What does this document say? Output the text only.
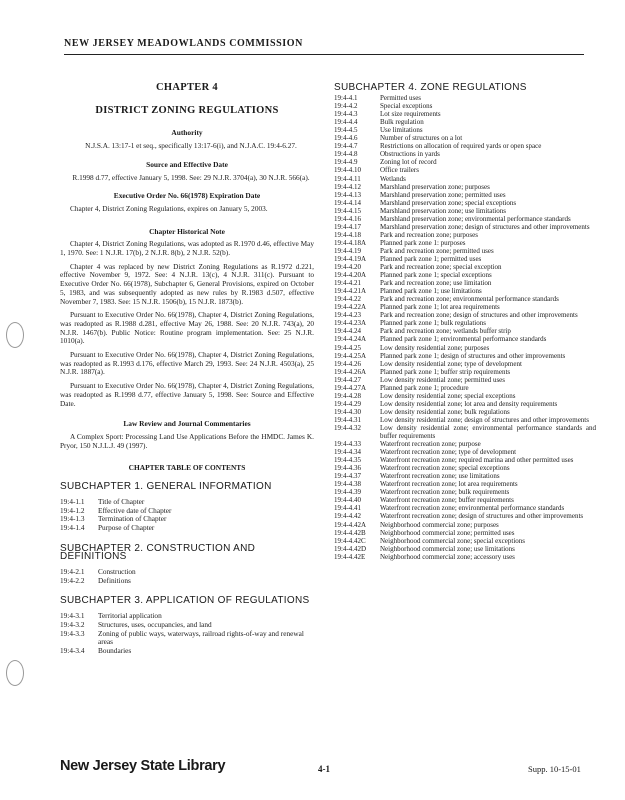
NEW JERSEY MEADOWLANDS COMMISSION
CHAPTER 4
DISTRICT ZONING REGULATIONS
Authority
N.J.S.A. 13:17-1 et seq., specifically 13:17-6(i), and N.J.A.C. 19:4-6.27.
Source and Effective Date
R.1998 d.77, effective January 5, 1998. See: 29 N.J.R. 3704(a), 30 N.J.R. 566(a).
Executive Order No. 66(1978) Expiration Date
Chapter 4, District Zoning Regulations, expires on January 5, 2003.
Chapter Historical Note
Chapter 4, District Zoning Regulations, was adopted as R.1970 d.46, effective May 1, 1970. See: 1 N.J.R. 17(b), 2 N.J.R. 8(b), 2 N.J.R. 52(b).
Chapter 4 was replaced by new District Zoning Regulations as R.1972 d.221, effective November 9, 1972. See: 4 N.J.R. 13(c), 4 N.J.R. 311(c). Pursuant to Executive Order No. 66(1978), Subchapter 6, General Provisions, expired on October 5, 1983, and was subsequently adopted as new rules by R.1983 d.507, effective November 7, 1983. See: 15 N.J.R. 1506(b), 15 N.J.R. 1873(b).
Pursuant to Executive Order No. 66(1978), Chapter 4, District Zoning Regulations, was readopted as R.1988 d.281, effective May 26, 1988. See: 20 N.J.R. 743(a), 20 N.J.R. 1467(b). Public Notice: Routine program implementation. See: 25 N.J.R. 1010(a).
Pursuant to Executive Order No. 66(1978), Chapter 4, District Zoning Regulations, was readopted as R.1993 d.176, effective March 29, 1993. See: 24 N.J.R. 4503(a), 25 N.J.R. 1887(a).
Pursuant to Executive Order No. 66(1978), Chapter 4, District Zoning Regulations, was readopted as R.1998 d.77, effective January 5, 1998. See: Source and Effective Date.
Law Review and Journal Commentaries
A Complex Sport: Processing Land Use Applications Before the HMDC. James K. Pryor, 150 N.J.L.J. 49 (1997).
CHAPTER TABLE OF CONTENTS
SUBCHAPTER 1. GENERAL INFORMATION
19:4-1.1	Title of Chapter
19:4-1.2	Effective date of Chapter
19:4-1.3	Termination of Chapter
19:4-1.4	Purpose of Chapter
SUBCHAPTER 2. CONSTRUCTION AND DEFINITIONS
19:4-2.1	Construction
19:4-2.2	Definitions
SUBCHAPTER 3. APPLICATION OF REGULATIONS
19:4-3.1	Territorial application
19:4-3.2	Structures, uses, occupancies, and land
19:4-3.3	Zoning of public ways, waterways, railroad rights-of-way and renewal areas
19:4-3.4	Boundaries
SUBCHAPTER 4. ZONE REGULATIONS
19:4-4.1	Permitted uses
19:4-4.2	Special exceptions
19:4-4.3	Lot size requirements
19:4-4.4	Bulk regulation
19:4-4.5	Use limitations
19:4-4.6	Number of structures on a lot
19:4-4.7	Restrictions on allocation of required yards or open space
19:4-4.8	Obstructions in yards
19:4-4.9	Zoning lot of record
19:4-4.10	Office trailers
19:4-4.11	Wetlands
19:4-4.12	Marshland preservation zone; purposes
19:4-4.13	Marshland preservation zone; permitted uses
19:4-4.14	Marshland preservation zone; special exceptions
19:4-4.15	Marshland preservation zone; use limitations
19:4-4.16	Marshland preservation zone; environmental performance standards
19:4-4.17	Marshland preservation zone; design of structures and other improvements
19:4-4.18	Park and recreation zone; purposes
19:4-4.18A	Planned park zone 1: purposes
19:4-4.19	Park and recreation zone; permitted uses
19:4-4.19A	Planned park zone 1; permitted uses
19:4-4.20	Park and recreation zone; special exception
19:4-4.20A	Planned park zone 1; special exceptions
19:4-4.21	Park and recreation zone; use limitation
19:4-4.21A	Planned park zone 1; use limitations
19:4-4.22	Park and recreation zone; environmental performance standards
19:4-4.22A	Planned park zone 1; lot area requirements
19:4-4.23	Park and recreation zone; design of structures and other improvements
19:4-4.23A	Planned park zone 1; bulk regulations
19:4-4.24	Park and recreation zone; wetlands buffer strip
19:4-4.24A	Planned park zone 1; environmental performance standards
19:4-4.25	Low density residential zone; purposes
19:4-4.25A	Planned park zone 1; design of structures and other improvements
19:4-4.26	Low density residential zone; type of development
19:4-4.26A	Planned park zone 1; buffer strip requirements
19:4-4.27	Low density residential zone; permitted uses
19:4-4.27A	Planned park zone 1; procedure
19:4-4.28	Low density residential zone; special exceptions
19:4-4.29	Low density residential zone; lot area and density requirements
19:4-4.30	Low density residential zone; bulk regulations
19:4-4.31	Low density residential zone; design of structures and other improvements
19:4-4.32	Low density residential zone; environmental performance standards and buffer requirements
19:4-4.33	Waterfront recreation zone; purpose
19:4-4.34	Waterfront recreation zone; type of development
19:4-4.35	Waterfront recreation zone; required marina and other permitted uses
19:4-4.36	Waterfront recreation zone; special exceptions
19:4-4.37	Waterfront recreation zone; use limitations
19:4-4.38	Waterfront recreation zone; lot area requirements
19:4-4.39	Waterfront recreation zone; bulk requirements
19:4-4.40	Waterfront recreation zone; buffer requirements
19:4-4.41	Waterfront recreation zone; environmental performance standards
19:4-4.42	Waterfront recreation zone; design of structures and other improvements
19:4-4.42A	Neighborhood commercial zone; purposes
19:4-4.42B	Neighborhood commercial zone; permitted uses
19:4-4.42C	Neighborhood commercial zone; special exceptions
19:4-4.42D	Neighborhood commercial zone; use limitations
19:4-4.42E	Neighborhood commercial zone; accessory uses
New Jersey State Library	4-1	Supp. 10-15-01
